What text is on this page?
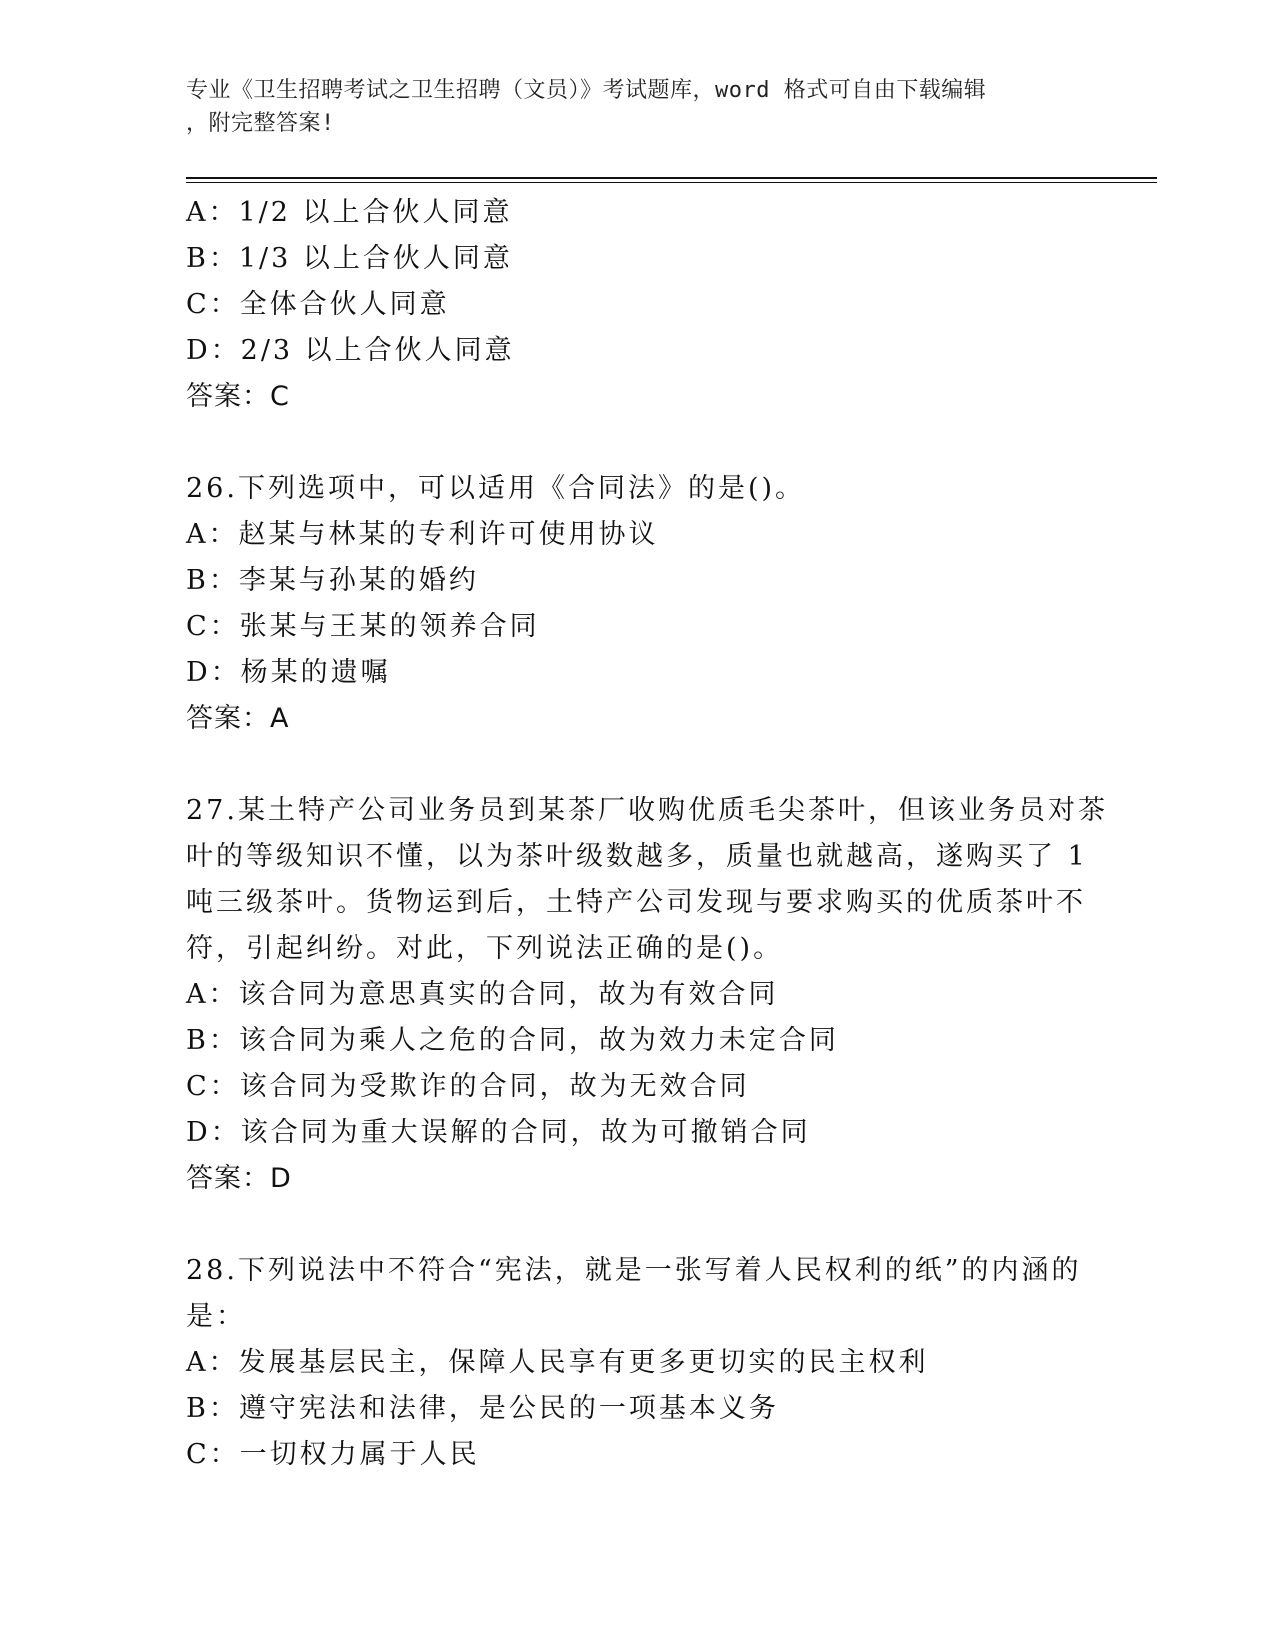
专业《卫生招聘考试之卫生招聘（文员）》考试题库，word 格式可自由下载编辑
，附完整答案!
A：1/2 以上合伙人同意
B：1/3 以上合伙人同意
C：全体合伙人同意
D：2/3 以上合伙人同意
答案：C
26.下列选项中，可以适用《合同法》的是()。
A：赵某与林某的专利许可使用协议
B：李某与孙某的婚约
C：张某与王某的领养合同
D：杨某的遗嘱
答案：A
27.某土特产公司业务员到某茶厂收购优质毛尖茶叶，但该业务员对茶
叶的等级知识不懂，以为茶叶级数越多，质量也就越高，遂购买了 1
吨三级茶叶。货物运到后，土特产公司发现与要求购买的优质茶叶不
符，引起纠纷。对此，下列说法正确的是()。
A：该合同为意思真实的合同，故为有效合同
B：该合同为乘人之危的合同，故为效力未定合同
C：该合同为受欺诈的合同，故为无效合同
D：该合同为重大误解的合同，故为可撤销合同
答案：D
28.下列说法中不符合“宪法，就是一张写着人民权利的纸”的内涵的
是：
A：发展基层民主，保障人民享有更多更切实的民主权利
B：遵守宪法和法律，是公民的一项基本义务
C：一切权力属于人民
